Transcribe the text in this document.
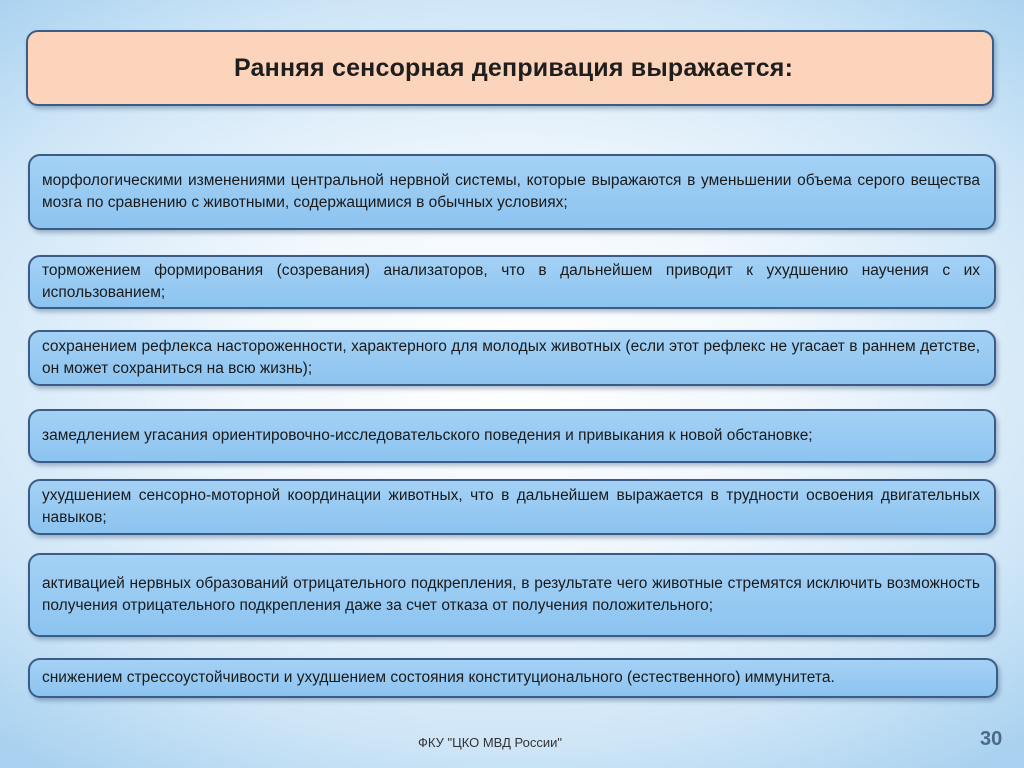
Ранняя сенсорная депривация выражается:

морфологическими изменениями центральной нервной системы, которые выражаются в уменьшении объема серого вещества мозга по сравнению с животными, содержащимися в обычных условиях;

торможением формирования (созревания) анализаторов, что в дальнейшем приводит к ухудшению научения с их использованием;

сохранением рефлекса настороженности, характерного для молодых животных (если этот рефлекс не угасает в раннем детстве, он может сохраниться на всю жизнь);

замедлением угасания ориентировочно-исследовательского поведения и привыкания к новой обстановке;

ухудшением сенсорно-моторной координации животных, что в дальнейшем выражается в трудности освоения двигательных навыков;

активацией нервных образований отрицательного подкрепления, в результате чего животные стремятся исключить возможность получения отрицательного подкрепления даже за счет отказа от получения положительного;

снижением стрессоустойчивости и ухудшением состояния конституционального (естественного) иммунитета.

ФКУ "ЦКО МВД России"	30
